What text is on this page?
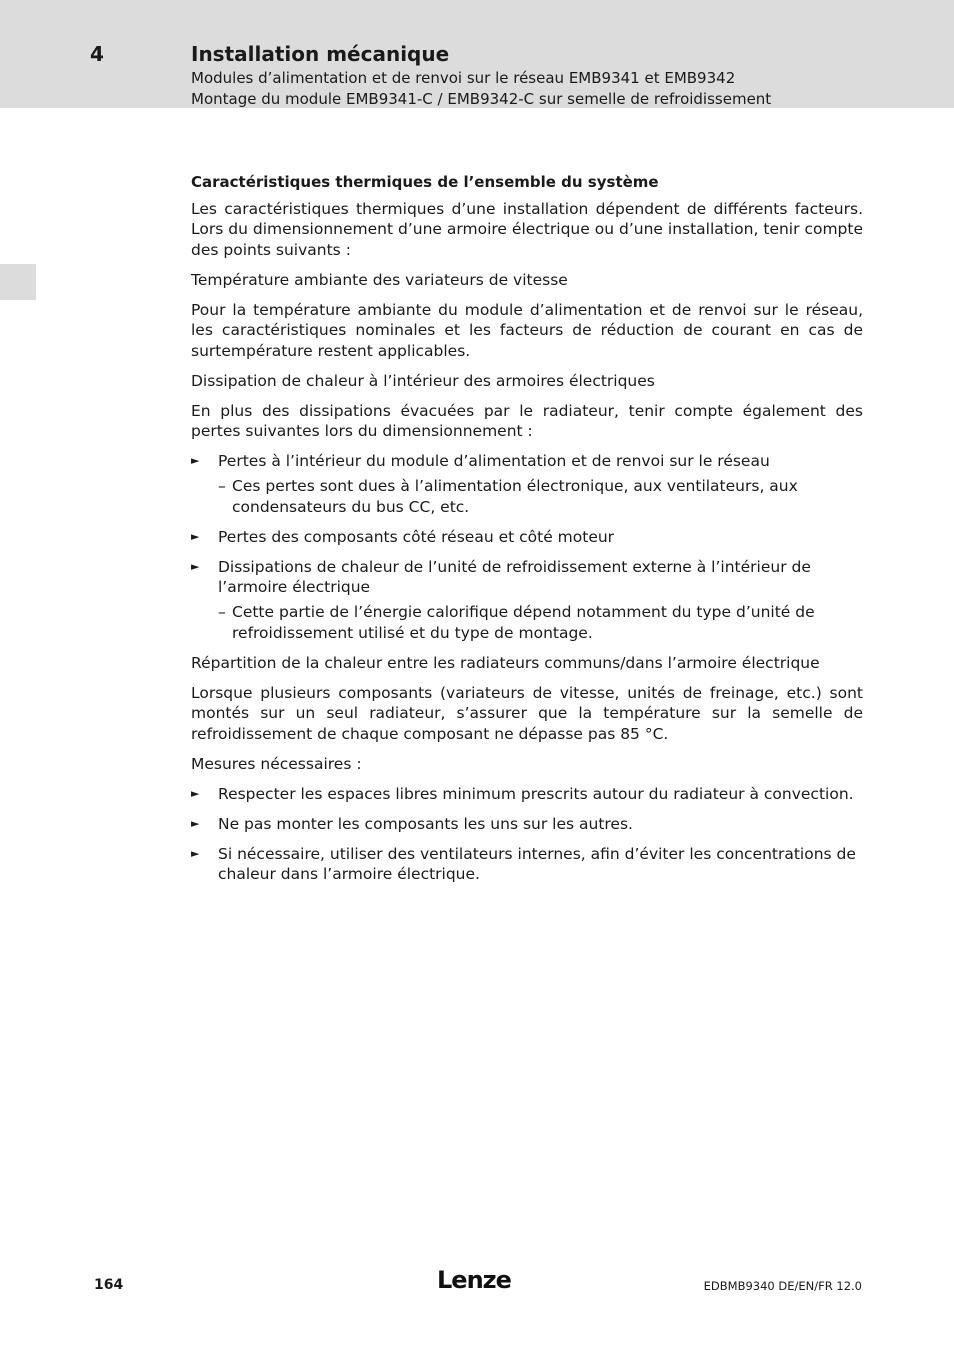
4	Installation mécanique
Modules d’alimentation et de renvoi sur le réseau EMB9341 et EMB9342
Montage du module EMB9341-C / EMB9342-C sur semelle de refroidissement

Caractéristiques thermiques de l’ensemble du système

Les caractéristiques thermiques d’une installation dépendent de différents facteurs. Lors du dimensionnement d’une armoire électrique ou d’une installation, tenir compte des points suivants :

Température ambiante des variateurs de vitesse

Pour la température ambiante du module d’alimentation et de renvoi sur le réseau, les caractéristiques nominales et les facteurs de réduction de courant en cas de surtempérature restent applicables.

Dissipation de chaleur à l’intérieur des armoires électriques

En plus des dissipations évacuées par le radiateur, tenir compte également des pertes suivantes lors du dimensionnement :

► Pertes à l’intérieur du module d’alimentation et de renvoi sur le réseau
– Ces pertes sont dues à l’alimentation électronique, aux ventilateurs, aux condensateurs du bus CC, etc.
► Pertes des composants côté réseau et côté moteur
► Dissipations de chaleur de l’unité de refroidissement externe à l’intérieur de l’armoire électrique
– Cette partie de l’énergie calorifique dépend notamment du type d’unité de refroidissement utilisé et du type de montage.

Répartition de la chaleur entre les radiateurs communs/dans l’armoire électrique

Lorsque plusieurs composants (variateurs de vitesse, unités de freinage, etc.) sont montés sur un seul radiateur, s’assurer que la température sur la semelle de refroidissement de chaque composant ne dépasse pas 85 °C.

Mesures nécessaires :

► Respecter les espaces libres minimum prescrits autour du radiateur à convection.
► Ne pas monter les composants les uns sur les autres.
► Si nécessaire, utiliser des ventilateurs internes, afin d’éviter les concentrations de chaleur dans l’armoire électrique.
164	Lenze	EDBMB9340 DE/EN/FR 12.0
